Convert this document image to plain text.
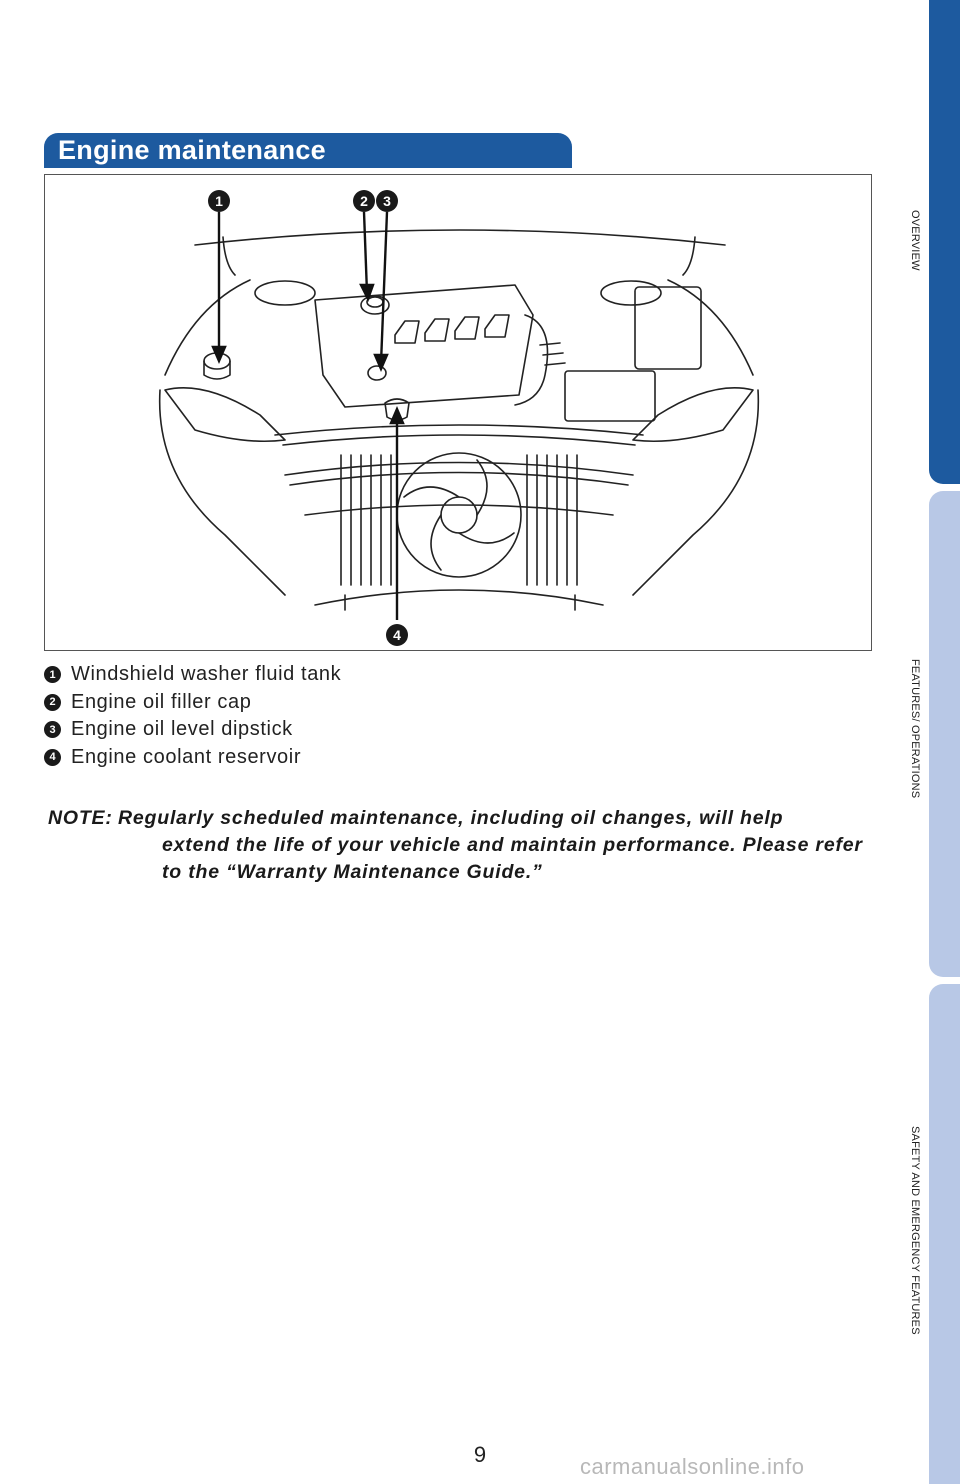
Engine maintenance
1	2	3
4
1 Windshield washer fluid tank
2 Engine oil filler cap
3 Engine oil level dipstick
4 Engine coolant reservoir
NOTE: Regularly scheduled maintenance, including oil changes, will help
extend the life of your vehicle and maintain performance. Please refer
to the “Warranty Maintenance Guide.”
OVERVIEW
FEATURES/ OPERATIONS
SAFETY AND EMERGENCY FEATURES
9	carmanualsonline.info
